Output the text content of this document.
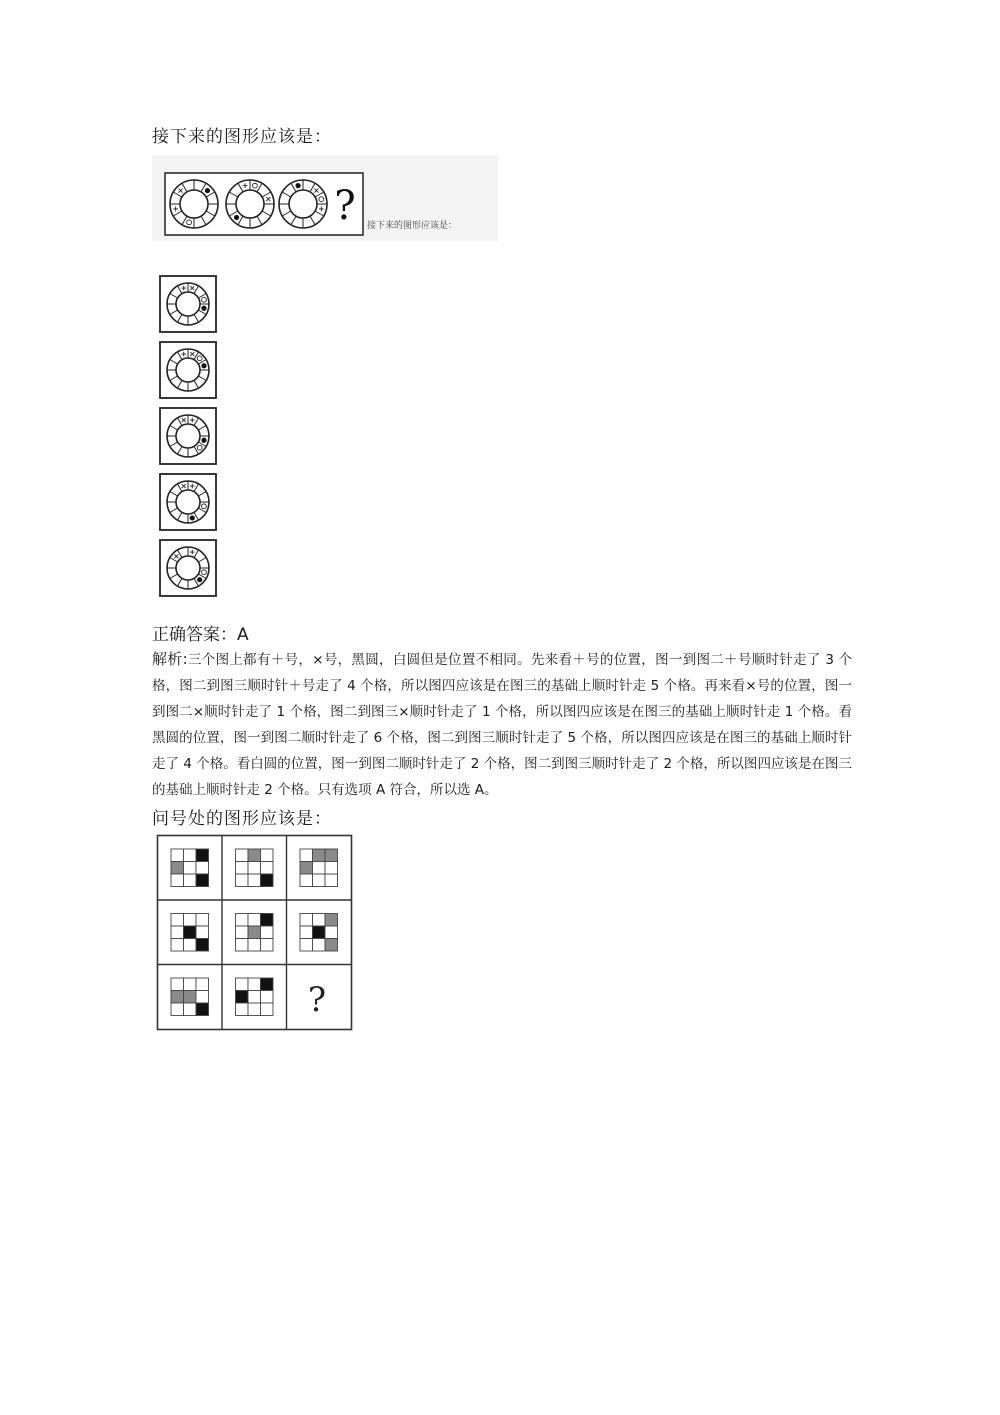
接下来的图形应该是：
? 接下来的图形应该是：
正确答案：A
解析:三个图上都有＋号，×号，黑圆，白圆但是位置不相同。先来看＋号的位置，图一到图二＋号顺时针走了 3 个格，图二到图三顺时针＋号走了 4 个格，所以图四应该是在图三的基础上顺时针走 5 个格。再来看×号的位置，图一到图二×顺时针走了 1 个格，图二到图三×顺时针走了 1 个格，所以图四应该是在图三的基础上顺时针走 1 个格。看黑圆的位置，图一到图二顺时针走了 6 个格，图二到图三顺时针走了 5 个格，所以图四应该是在图三的基础上顺时针走了 4 个格。看白圆的位置，图一到图二顺时针走了 2 个格，图二到图三顺时针走了 2 个格，所以图四应该是在图三的基础上顺时针走 2 个格。只有选项 A 符合，所以选 A。
问号处的图形应该是：
?
